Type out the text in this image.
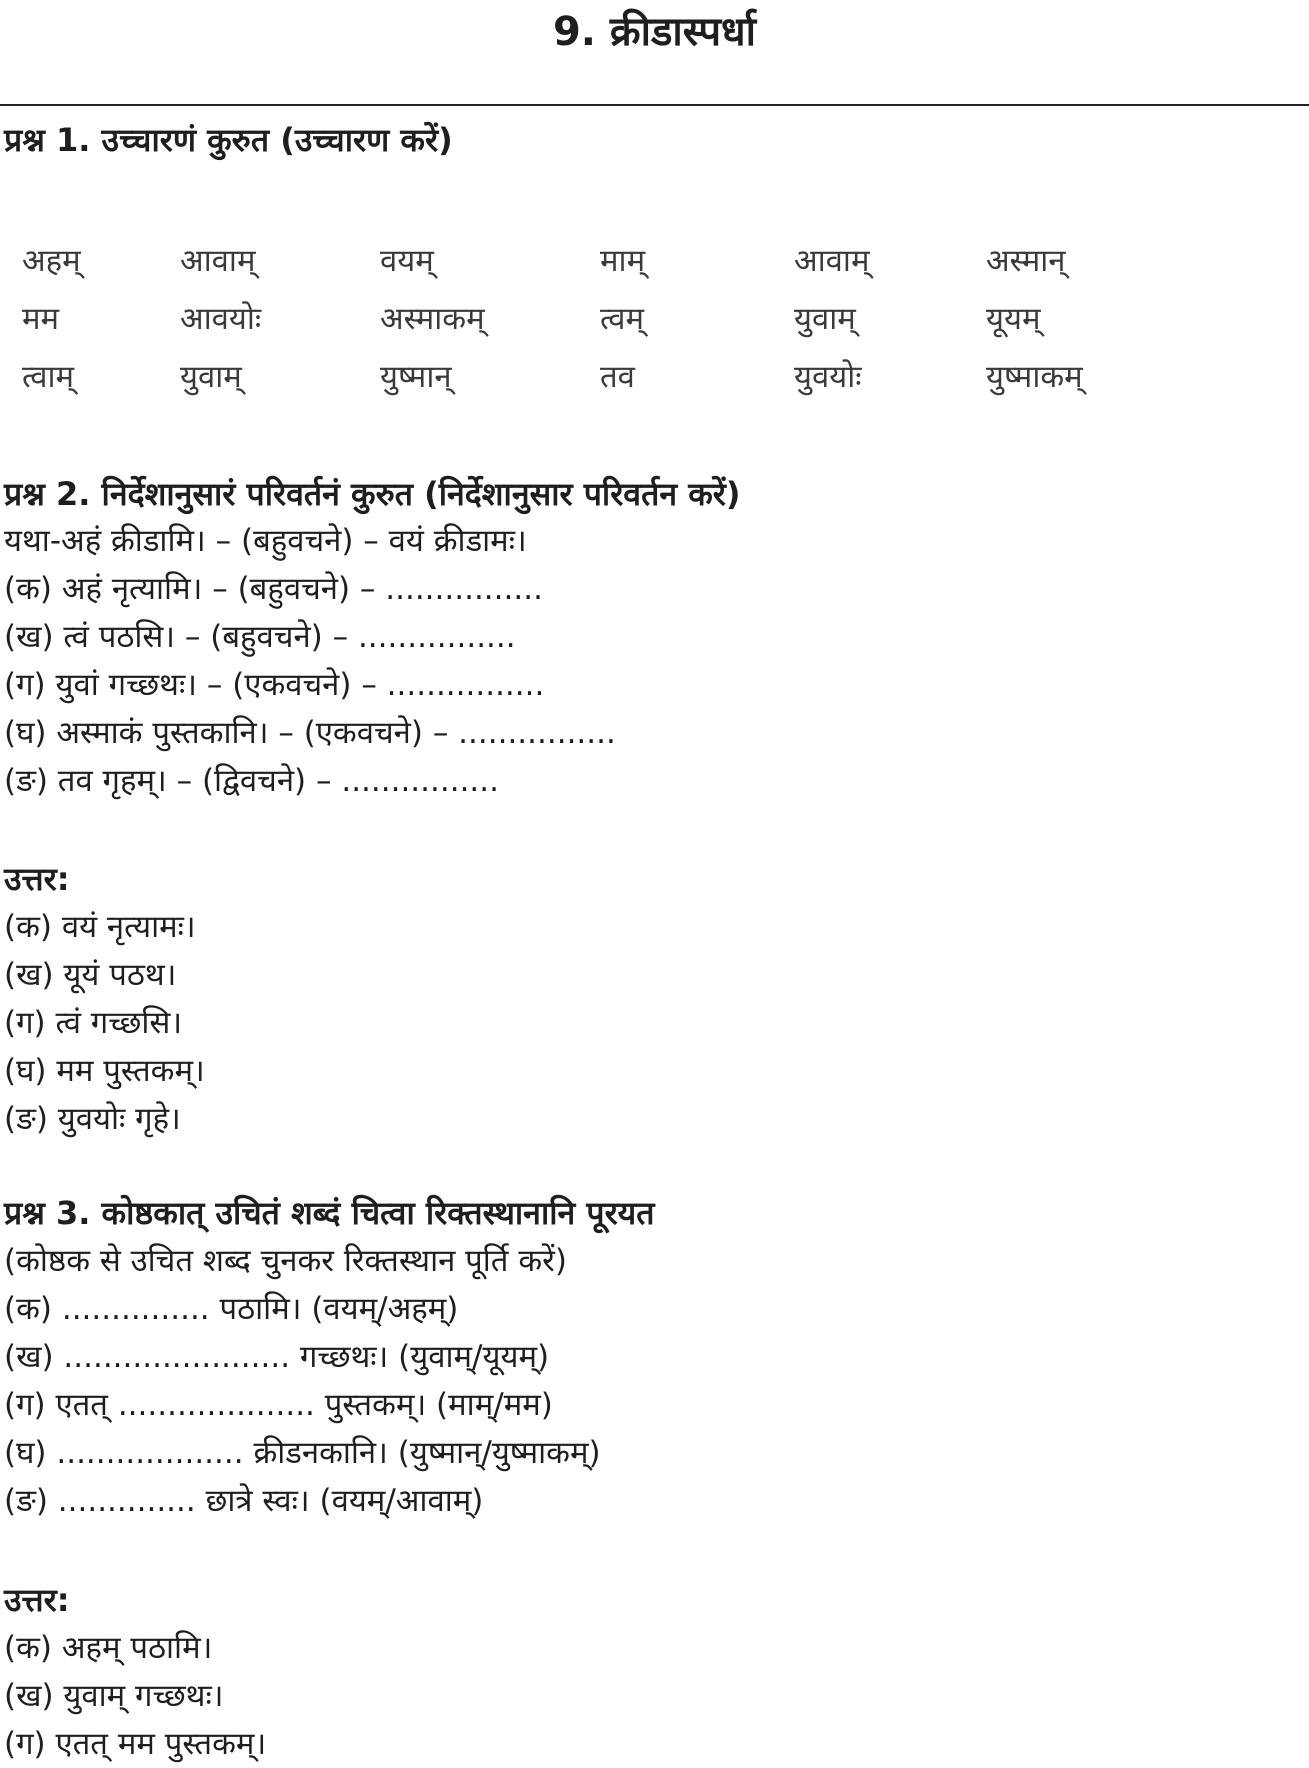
9. क्रीडास्पर्धा
प्रश्न 1. उच्चारणं कुरुत (उच्चारण करें)
अहम्	आवाम्	वयम्	माम्	आवाम्	अस्मान्
मम	आवयोः	अस्माकम्	त्वम्	युवाम्	यूयम्
त्वाम्	युवाम्	युष्मान्	तव	युवयोः	युष्माकम्
प्रश्न 2. निर्देशानुसारं परिवर्तनं कुरुत (निर्देशानुसार परिवर्तन करें)
यथा-अहं क्रीडामि। – (बहुवचने) – वयं क्रीडामः।
(क) अहं नृत्यामि। – (बहुवचने) – ................
(ख) त्वं पठसि। – (बहुवचने) – ................
(ग) युवां गच्छथः। – (एकवचने) – ................
(घ) अस्माकं पुस्तकानि। – (एकवचने) – ................
(ङ) तव गृहम्। – (द्विवचने) – ................
उत्तर:
(क) वयं नृत्यामः।
(ख) यूयं पठथ।
(ग) त्वं गच्छसि।
(घ) मम पुस्तकम्।
(ङ) युवयोः गृहे।
प्रश्न 3. कोष्ठकात् उचितं शब्दं चित्वा रिक्तस्थानानि पूरयत
(कोष्ठक से उचित शब्द चुनकर रिक्तस्थान पूर्ति करें)
(क) ............... पठामि। (वयम्/अहम्)
(ख) ....................... गच्छथः। (युवाम्/यूयम्)
(ग) एतत् .................... पुस्तकम्। (माम्/मम)
(घ) ................... क्रीडनकानि। (युष्मान्/युष्माकम्)
(ङ) .............. छात्रे स्वः। (वयम्/आवाम्)
उत्तर:
(क) अहम् पठामि।
(ख) युवाम् गच्छथः।
(ग) एतत् मम पुस्तकम्।
